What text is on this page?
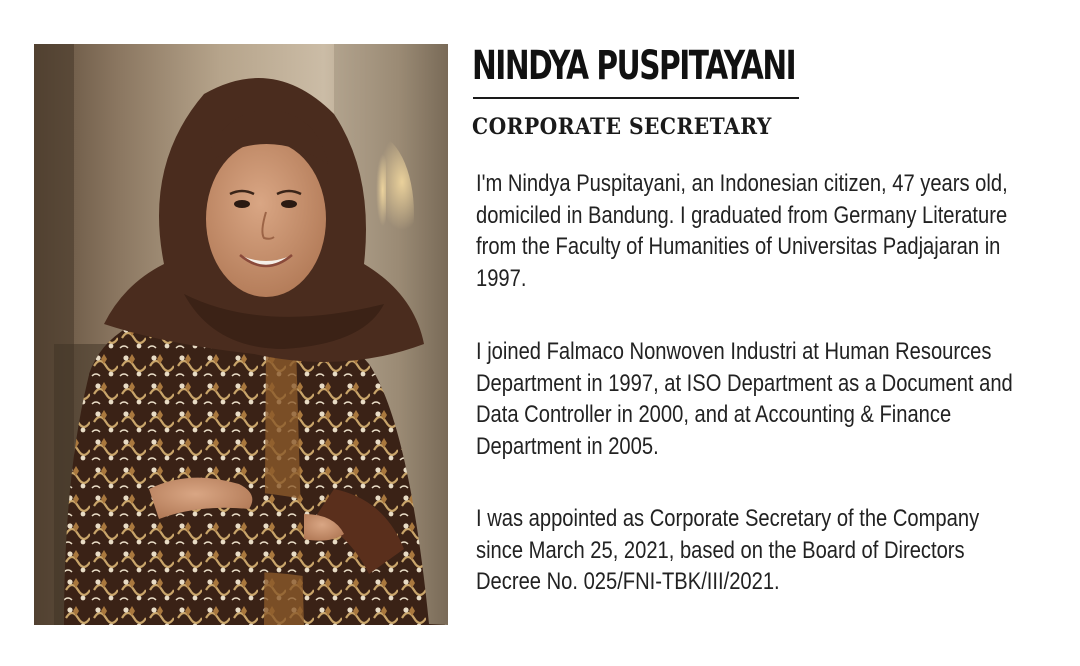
NINDYA PUSPITAYANI
CORPORATE SECRETARY

I'm Nindya Puspitayani, an Indonesian citizen, 47 years old, domiciled in Bandung. I graduated from Germany Literature from the Faculty of Humanities of Universitas Padjajaran in 1997.

I joined Falmaco Nonwoven Industri at Human Resources Department in 1997, at ISO Department as a Document and Data Controller in 2000, and at Accounting & Finance Department in 2005.

I was appointed as Corporate Secretary of the Company since March 25, 2021, based on the Board of Directors Decree No. 025/FNI-TBK/III/2021.
